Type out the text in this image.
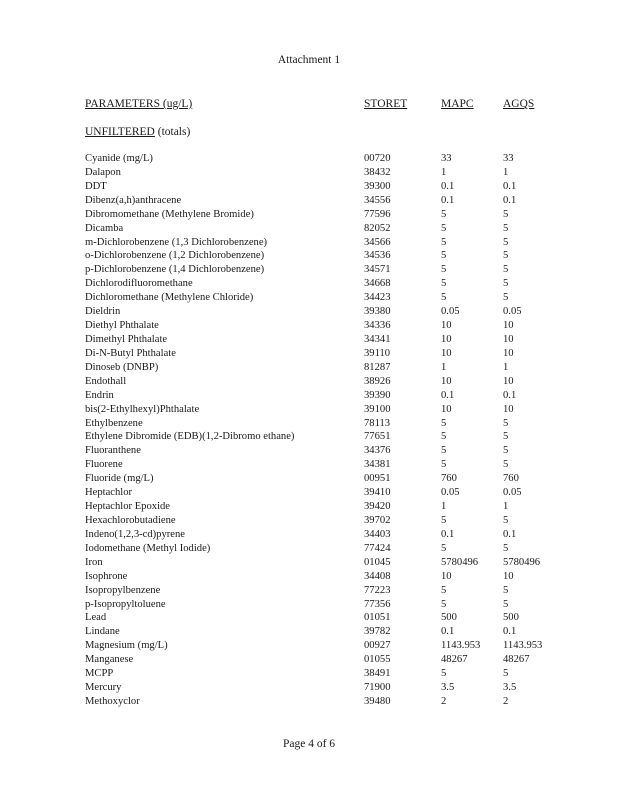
Attachment 1
PARAMETERS (ug/L)	STORET	MAPC	AGQS
UNFILTERED (totals)
Cyanide (mg/L)	00720	33	33
Dalapon	38432	1	1
DDT	39300	0.1	0.1
Dibenz(a,h)anthracene	34556	0.1	0.1
Dibromomethane (Methylene Bromide)	77596	5	5
Dicamba	82052	5	5
m-Dichlorobenzene (1,3 Dichlorobenzene)	34566	5	5
o-Dichlorobenzene (1,2 Dichlorobenzene)	34536	5	5
p-Dichlorobenzene (1,4 Dichlorobenzene)	34571	5	5
Dichlorodifluoromethane	34668	5	5
Dichloromethane (Methylene Chloride)	34423	5	5
Dieldrin	39380	0.05	0.05
Diethyl Phthalate	34336	10	10
Dimethyl Phthalate	34341	10	10
Di-N-Butyl Phthalate	39110	10	10
Dinoseb (DNBP)	81287	1	1
Endothall	38926	10	10
Endrin	39390	0.1	0.1
bis(2-Ethylhexyl)Phthalate	39100	10	10
Ethylbenzene	78113	5	5
Ethylene Dibromide (EDB)(1,2-Dibromo ethane)	77651	5	5
Fluoranthene	34376	5	5
Fluorene	34381	5	5
Fluoride (mg/L)	00951	760	760
Heptachlor	39410	0.05	0.05
Heptachlor Epoxide	39420	1	1
Hexachlorobutadiene	39702	5	5
Indeno(1,2,3-cd)pyrene	34403	0.1	0.1
Iodomethane (Methyl Iodide)	77424	5	5
Iron	01045	5780496 5780496
Isophrone	34408	10	10
Isopropylbenzene	77223	5	5
p-Isopropyltoluene	77356	5	5
Lead	01051	500	500
Lindane	39782	0.1	0.1
Magnesium (mg/L)	00927	1143.953 1143.953
Manganese	01055	48267	48267
MCPP	38491	5	5
Mercury	71900	3.5	3.5
Methoxyclor	39480	2	2
Page 4 of 6
